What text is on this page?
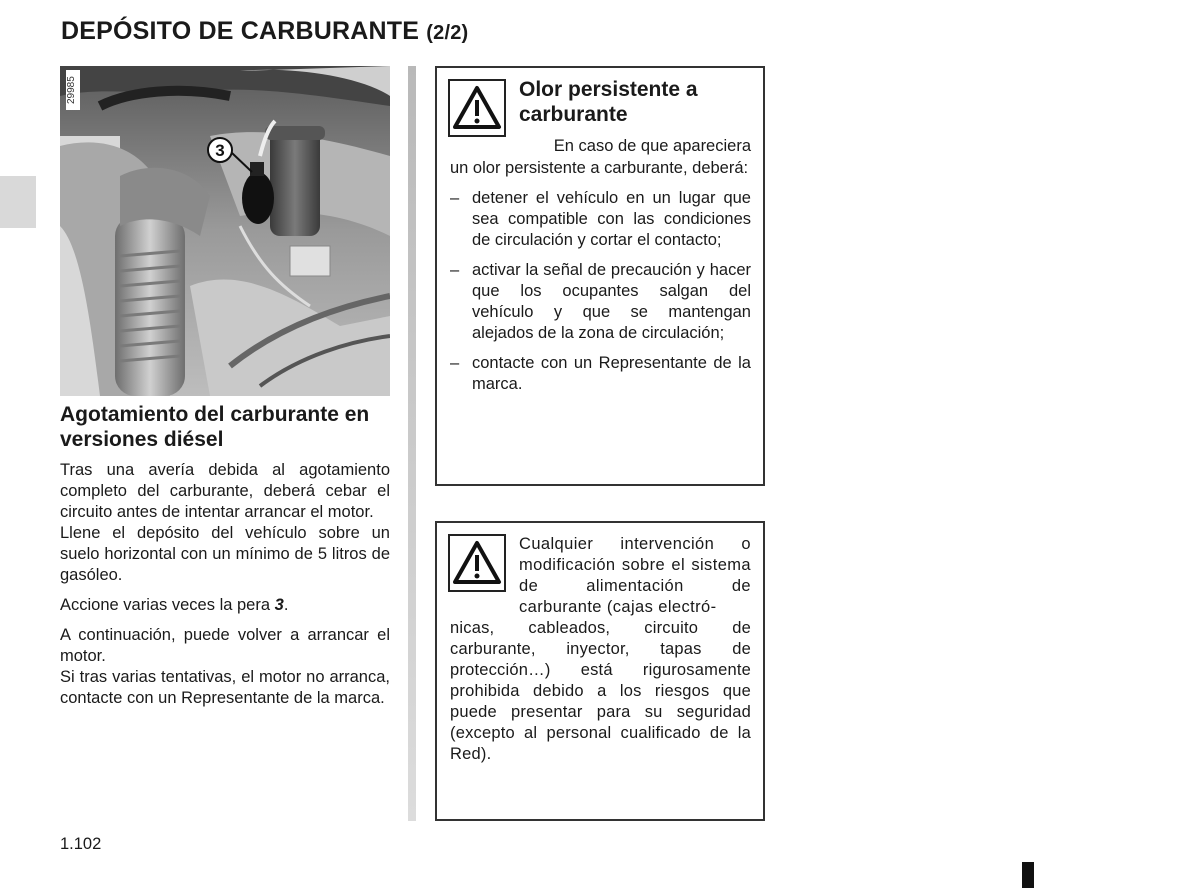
DEPÓSITO DE CARBURANTE (2/2)
3
29985
Agotamiento del carburante en versiones diésel

Tras una avería debida al agotamiento completo del carburante, deberá cebar el circuito antes de intentar arrancar el motor.

Llene el depósito del vehículo sobre un suelo horizontal con un mínimo de 5 litros de gasóleo.

Accione varias veces la pera 3.

A continuación, puede volver a arrancar el motor.

Si tras varias tentativas, el motor no arranca, contacte con un Representante de la marca.

Olor persistente a carburante
En caso de que apareciera

un olor persistente a carburante, deberá:

– detener el vehículo en un lugar que sea compatible con las condiciones de circulación y cortar el contacto;
– activar la señal de precaución y hacer que los ocupantes salgan del vehículo y que se mantengan alejados de la zona de circulación;
– contacte con un Representante de la marca.
Cualquier intervención o modificación sobre el sistema de alimentación de carburante (cajas electró-
nicas, cableados, circuito de carburante, inyector, tapas de protección…) está rigurosamente prohibida debido a los riesgos que puede presentar para su seguridad (excepto al personal cualificado de la Red).
1.102
